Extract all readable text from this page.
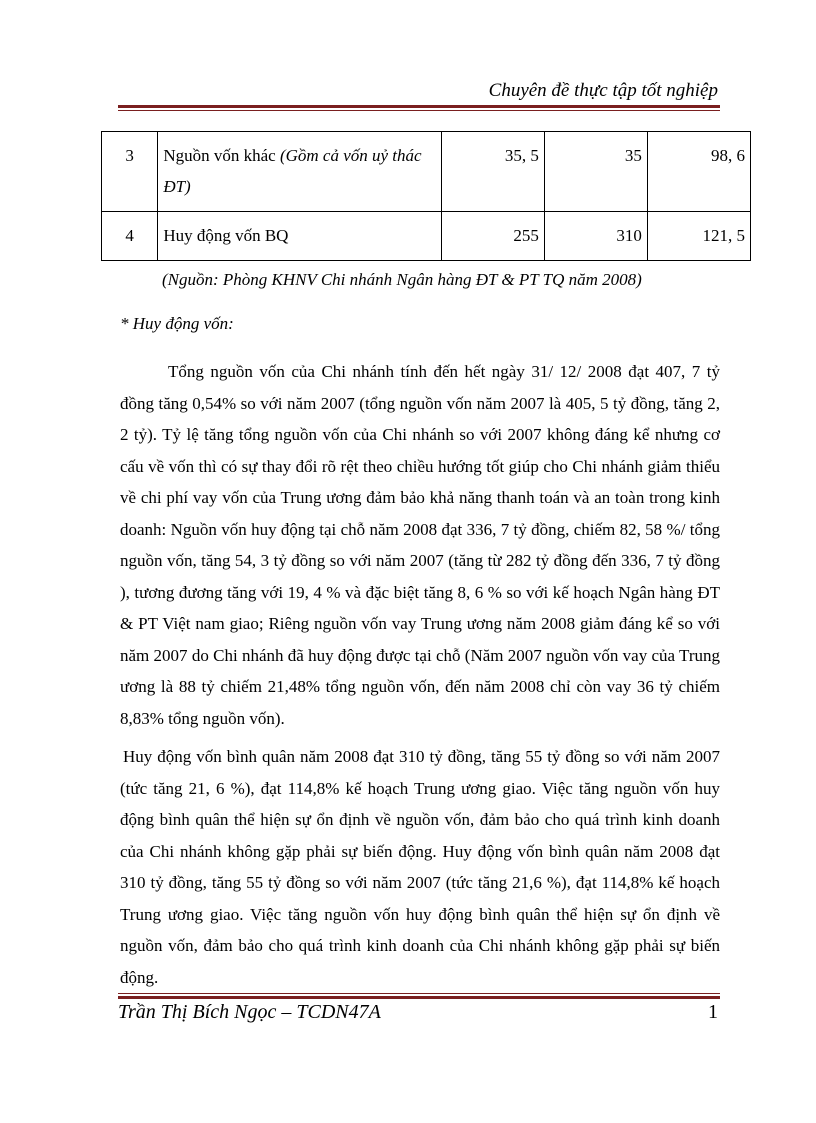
Chuyên đề thực tập tốt nghiệp
3	Nguồn vốn khác (Gồm cả vốn uỷ thác ĐT)	35, 5	35	98, 6
4	Huy động vốn BQ	255	310	121, 5
(Nguồn: Phòng KHNV Chi nhánh Ngân hàng ĐT & PT TQ năm 2008)
* Huy động vốn:

Tổng nguồn vốn của Chi nhánh tính đến hết ngày 31/ 12/ 2008 đạt 407, 7 tỷ đồng tăng 0,54% so với năm 2007 (tổng nguồn vốn năm 2007 là 405, 5 tỷ đồng, tăng 2, 2 tỷ). Tỷ lệ tăng tổng nguồn vốn của Chi nhánh so với 2007 không đáng kể nhưng cơ cấu về vốn thì có sự thay đổi rõ rệt theo chiều hướng tốt giúp cho Chi nhánh giảm thiểu về chi phí vay vốn của Trung ương đảm bảo khả năng thanh toán và an toàn trong kinh doanh: Nguồn vốn huy động tại chỗ năm 2008 đạt 336, 7 tỷ đồng, chiếm 82, 58 %/ tổng nguồn vốn, tăng 54, 3 tỷ đồng so với năm 2007 (tăng từ 282 tỷ đồng đến 336, 7 tỷ đồng ), tương đương tăng với 19, 4 % và đặc biệt tăng 8, 6 % so với kế hoạch Ngân hàng ĐT & PT Việt nam giao; Riêng nguồn vốn vay Trung ương năm 2008 giảm đáng kể so với năm 2007 do Chi nhánh đã huy động được tại chỗ (Năm 2007 nguồn vốn vay của Trung ương là 88 tỷ chiếm 21,48% tổng nguồn vốn, đến năm 2008 chỉ còn vay 36 tỷ chiếm 8,83% tổng nguồn vốn).

Huy động vốn bình quân năm 2008 đạt 310 tỷ đồng, tăng 55 tỷ đồng so với năm 2007 (tức tăng 21, 6 %), đạt 114,8% kế hoạch Trung ương giao. Việc tăng nguồn vốn huy động bình quân thể hiện sự ổn định về nguồn vốn, đảm bảo cho quá trình kinh doanh của Chi nhánh không gặp phải sự biến động. Huy động vốn bình quân năm 2008 đạt 310 tỷ đồng, tăng 55 tỷ đồng so với năm 2007 (tức tăng 21,6 %), đạt 114,8% kế hoạch Trung ương giao. Việc tăng nguồn vốn huy động bình quân thể hiện sự ổn định về nguồn vốn, đảm bảo cho quá trình kinh doanh của Chi nhánh không gặp phải sự biến động.

Trần Thị Bích Ngọc – TCDN47A	1
